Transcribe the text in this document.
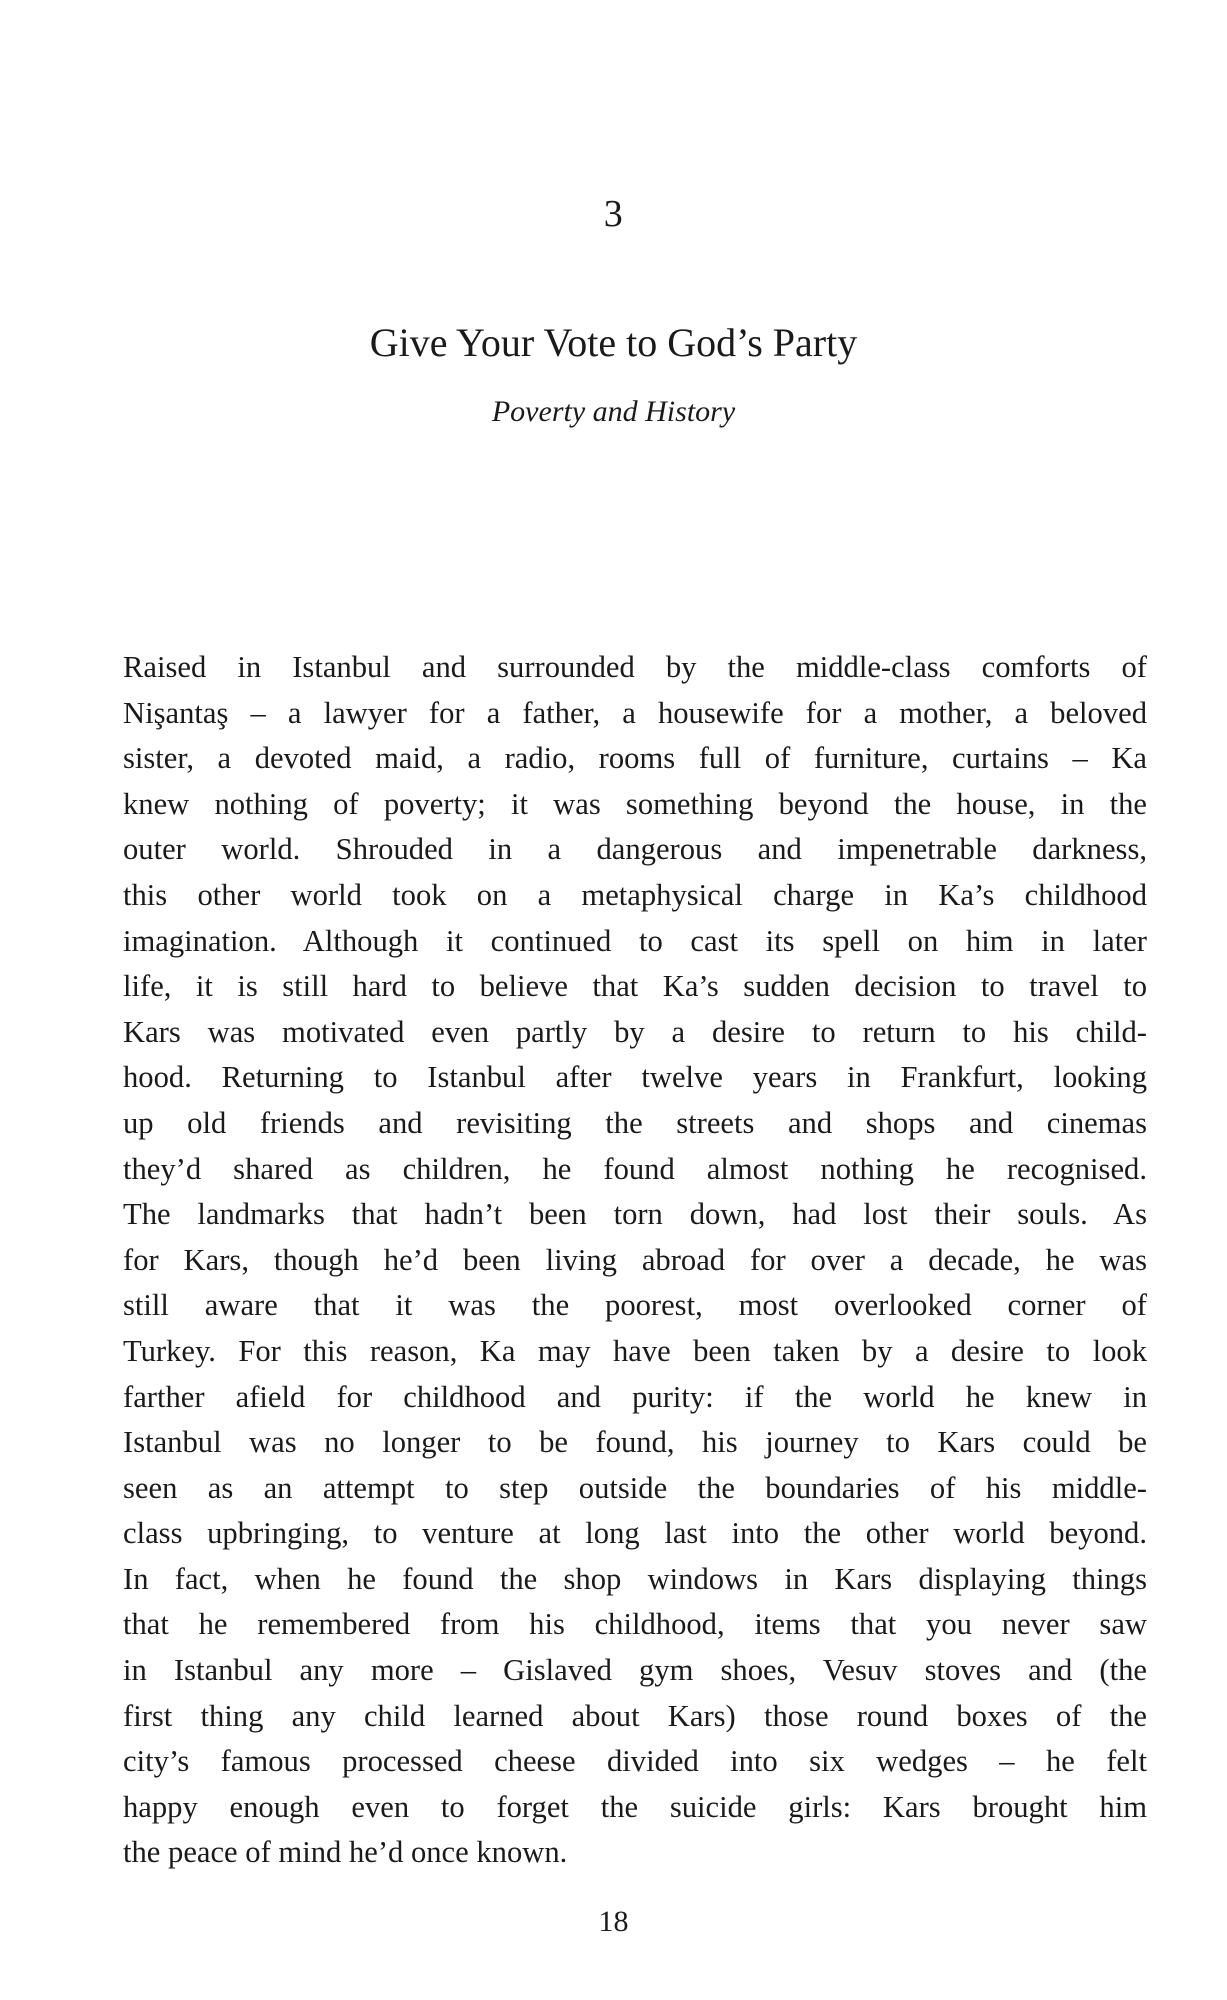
3
Give Your Vote to God’s Party
Poverty and History
Raised in Istanbul and surrounded by the middle-class comforts of
Nişantaş – a lawyer for a father, a housewife for a mother, a beloved
sister, a devoted maid, a radio, rooms full of furniture, curtains – Ka
knew nothing of poverty; it was something beyond the house, in the
outer world. Shrouded in a dangerous and impenetrable darkness,
this other world took on a metaphysical charge in Ka’s childhood
imagination. Although it continued to cast its spell on him in later
life, it is still hard to believe that Ka’s sudden decision to travel to
Kars was motivated even partly by a desire to return to his child-
hood. Returning to Istanbul after twelve years in Frankfurt, looking
up old friends and revisiting the streets and shops and cinemas
they’d shared as children, he found almost nothing he recognised.
The landmarks that hadn’t been torn down, had lost their souls. As
for Kars, though he’d been living abroad for over a decade, he was
still aware that it was the poorest, most overlooked corner of
Turkey. For this reason, Ka may have been taken by a desire to look
farther afield for childhood and purity: if the world he knew in
Istanbul was no longer to be found, his journey to Kars could be
seen as an attempt to step outside the boundaries of his middle-
class upbringing, to venture at long last into the other world beyond.
In fact, when he found the shop windows in Kars displaying things
that he remembered from his childhood, items that you never saw
in Istanbul any more – Gislaved gym shoes, Vesuv stoves and (the
first thing any child learned about Kars) those round boxes of the
city’s famous processed cheese divided into six wedges – he felt
happy enough even to forget the suicide girls: Kars brought him
the peace of mind he’d once known.
18
